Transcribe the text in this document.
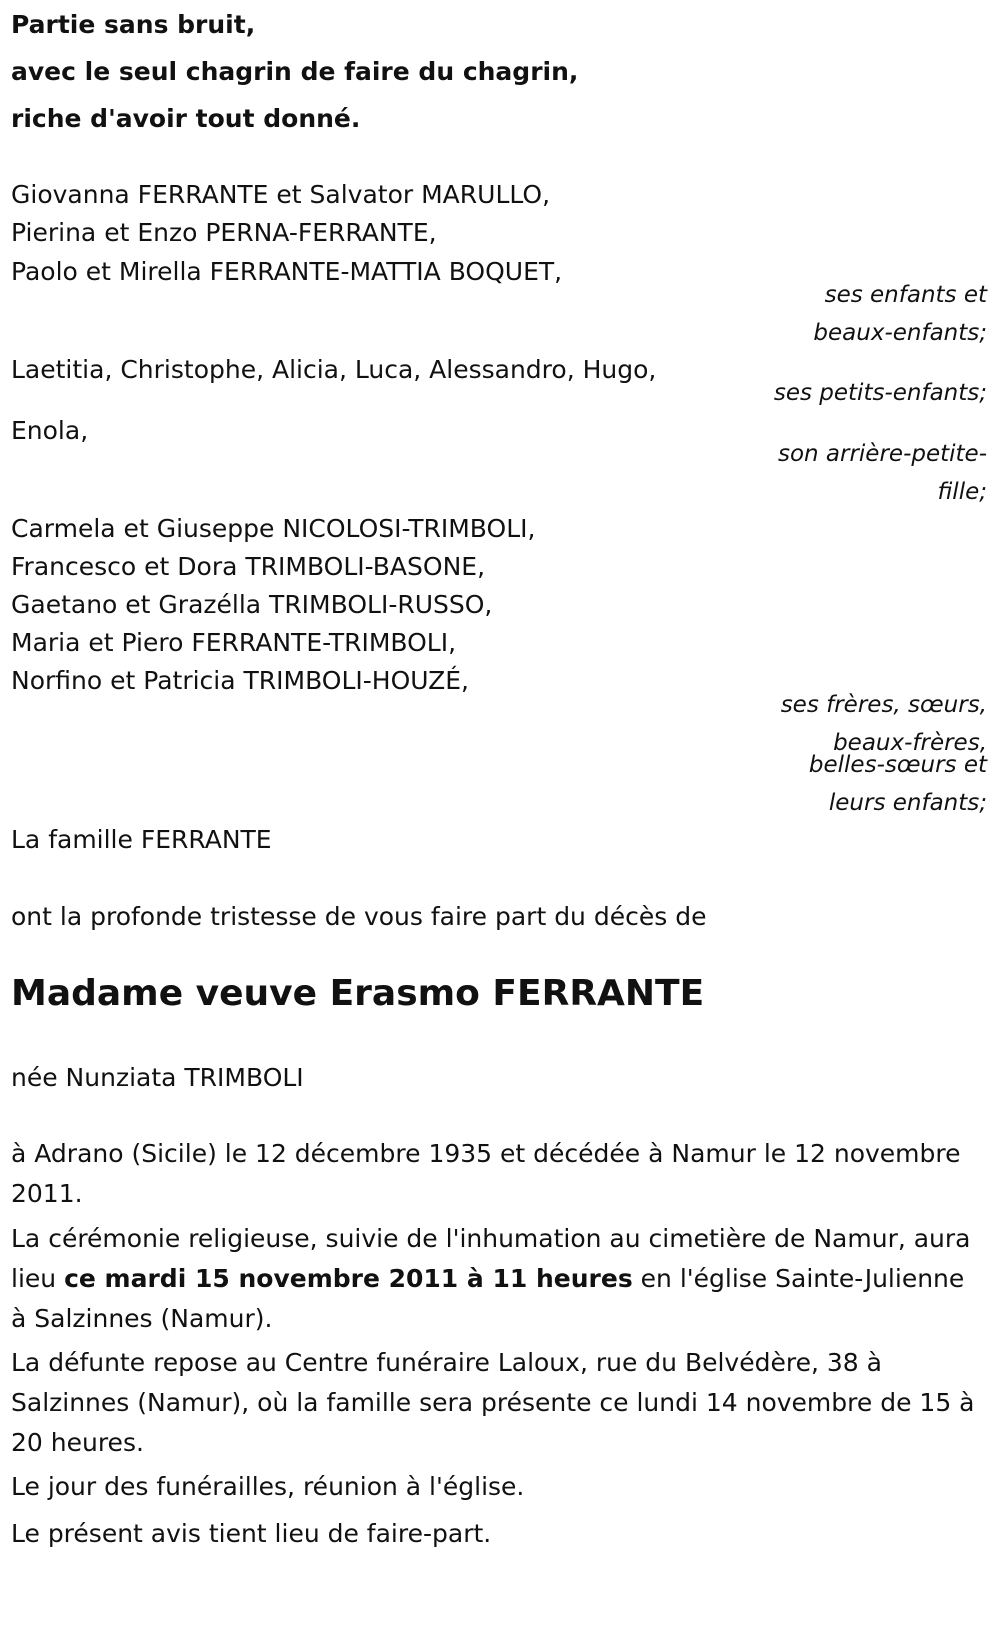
Partie sans bruit,
avec le seul chagrin de faire du chagrin,
riche d'avoir tout donné.
Giovanna FERRANTE et Salvator MARULLO,
Pierina et Enzo PERNA-FERRANTE,
Paolo et Mirella FERRANTE-MATTIA BOQUET,
ses enfants et
beaux-enfants;
Laetitia, Christophe, Alicia, Luca, Alessandro, Hugo,
ses petits-enfants;
Enola,
son arrière-petite-
fille;
Carmela et Giuseppe NICOLOSI-TRIMBOLI,
Francesco et Dora TRIMBOLI-BASONE,
Gaetano et Grazélla TRIMBOLI-RUSSO,
Maria et Piero FERRANTE-TRIMBOLI,
Norfino et Patricia TRIMBOLI-HOUZÉ,
ses frères, sœurs,
beaux-frères,
belles-sœurs et
leurs enfants;
La famille FERRANTE
ont la profonde tristesse de vous faire part du décès de
Madame veuve Erasmo FERRANTE
née Nunziata TRIMBOLI
à Adrano (Sicile) le 12 décembre 1935 et décédée à Namur le 12 novembre 2011.
La cérémonie religieuse, suivie de l'inhumation au cimetière de Namur, aura lieu ce mardi 15 novembre 2011 à 11 heures en l'église Sainte-Julienne à Salzinnes (Namur).
La défunte repose au Centre funéraire Laloux, rue du Belvédère, 38 à Salzinnes (Namur), où la famille sera présente ce lundi 14 novembre de 15 à 20 heures.
Le jour des funérailles, réunion à l'église.
Le présent avis tient lieu de faire-part.
